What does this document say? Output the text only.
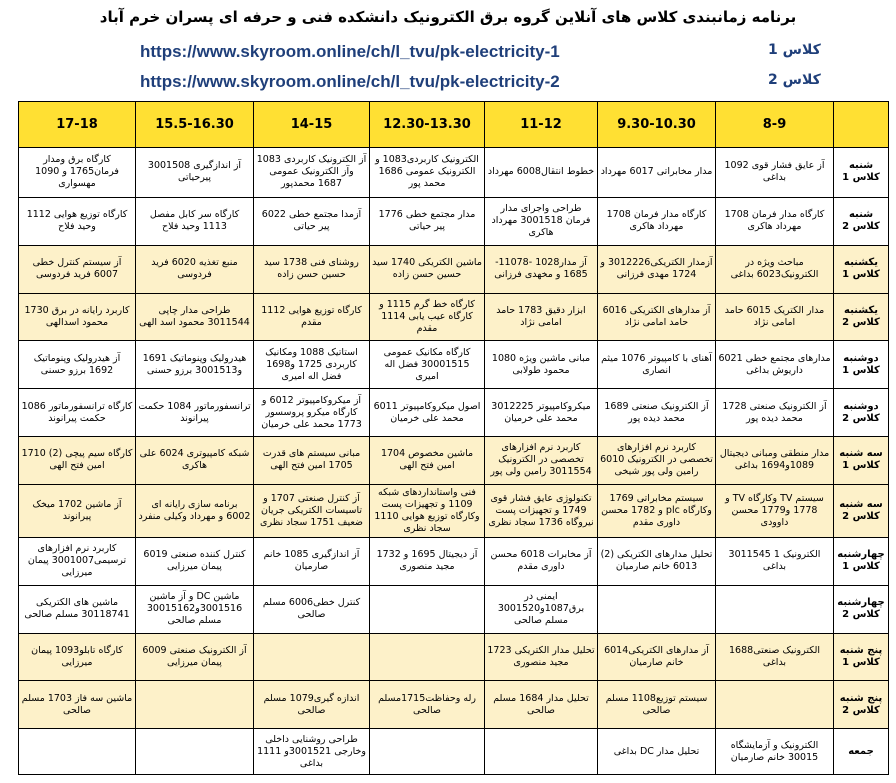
برنامه زمانبندی کلاس های آنلاین گروه برق الکترونیک دانشکده فنی و حرفه ای پسران خرم آباد
https://www.skyroom.online/ch/l_tvu/pk-electricity-1	کلاس 1
https://www.skyroom.online/ch/l_tvu/pk-electricity-2	کلاس 2
	8-9	9.30-10.30	11-12	12.30-13.30	14-15	15.5-16.30	17-18
شنبه کلاس 1	آز عایق فشار قوی 1092 بداغی	مدار مخابراتی 6017 مهرداد	خطوط انتقال6008 مهرداد	الکترونیک کاربردی1083 و الکترونیک عمومی 1686 محمد پور	آز الکترونیک کاربردی 1083 وآز الکترونیک عمومی 1687 محمدپور	آز اندازگیری 3001508 پیرحیاتی	کارگاه برق ومدار فرمان1765 و 1090 مهسواری
شنبه کلاس 2	کارگاه مدار فرمان 1708 مهرداد هاکری	کارگاه مدار فرمان 1708 مهرداد هاکری	طراحی واجرای مدار فرمان 3001518 مهرداد هاکری	مدار مجتمع خطی 1776 پیر حیاتی	آزمدا مجتمع خطی 6022 پیر حیاتی	کارگاه سر کابل مفصل 1113 وحید فلاح	کارگاه توزیع هوایی 1112 وحید فلاح
یکشنبه کلاس 1	مباحث ویژه در الکترونیک6023 بداغی	آزمدار الکتریکی3012226 و 1724 مهدی فرزانی	آز مدار1028 -11078-1685 و مخهدی فرزانی	ماشین الکتریکی 1740 سید حسین حسن زاده	روشنای فنی 1738 سید حسین حسن زاده	منبع تغذیه 6020 فرید فردوسی	آز سیستم کنترل خطی 6007 فرید فردوسی
یکشنبه کلاس 2	مدار الکتریک 6015 حامد امامی نژاد	آز مدارهای الکتریکی 6016 حامد امامی نژاد	ابزار دقیق 1783 حامد امامی نژاد	کارگاه خط گرم 1115 و کارگاه عیب یابی 1114 مقدم	کارگاه توزیع هوایی 1112 مقدم	طراحی مدار چاپی 3011544 محمود اسد الهی	کاربرد رایانه در برق 1730 محمود اسدالهی
دوشنبه کلاس 1	مدارهای مجتمع خطی 6021 داریوش بداغی	آهنای با کامپیوتر 1076 میثم انصاری	مبانی ماشین ویژه 1080 محمود طولابی	کارگاه مکانیک عمومی 30001515 فضل اله امیری	استاتیک 1088 ومکانیک کاربردی 1725 و1698 فضل اله امیری	هیدرولیک وپنوماتیک 1691 و3001513 برزو حسنی	آز هیدرولیک وپنوماتیک 1692 برزو حسنی
دوشنبه کلاس 2	آز الکترونیک صنعتی 1728 محمد دیده پور	آز الکترونیک صنعتی 1689 محمد دیده پور	میکروکامپیوتر 3012225 محمد علی خرمیان	اصول میکروکامپیوتر 6011 محمد علی خرمیان	آز میکروکامپیوتر 6012 و کارگاه میکرو پروسسور 1773 محمد علی خرمیان	ترانسفورماتور 1084 حکمت پیرانوند	کارگاه ترانسفورماتور 1086 حکمت پیرانوند
سه شنبه کلاس 1	مدار منطقی ومبانی دیجیتال 1089و1694 بداغی	کاربرد نرم افزارهای تخصصی در الکترونیک 6010 رامین ولی پور شیخی	کاربرد نرم افزارهای تخصصی در الکترونیک 3011554 رامین ولی پور	ماشین مخصوص 1704 امین فتح الهی	مبانی سیستم های قدرت 1705 امین فتح الهی	شبکه کامپیوتری 6024 علی هاکری	کارگاه سیم پیچی (2) 1710 امین فتح الهی
سه شنبه کلاس 2	سیستم TV وکارگاه TV و 1778 و1779 محسن داوودی	سیستم مخابراتی 1769 وکارگاه plc و 1782 محسن داوری مقدم	تکنولوژی عایق فشار قوی 1749 و تجهیزات پست نیروگاه 1736 سجاد نظری	فنی واستانداردهای شبکه 1109 و تجهیزات پست وکارگاه توزیع هوایی 1110 سجاد نظری	آز کنترل صنعتی 1707 و تاسیسات الکتریکی جریان ضعیف 1751 سجاد نظری	برنامه سازی رایانه ای 6002 و مهرداد وکیلی منفرد	آز ماشین 1702 میخک پیرانوند
چهارشنبه کلاس 1	الکترونیک 1 3011545 بداغی	تحلیل مدارهای الکتریکی (2) 6013 خانم صارمیان	آز مخابرات 6018 محسن داوری مقدم	آز دیجیتال 1695 و 1732 مجید منصوری	آز اندازگیری 1085 خانم صارمیان	کنترل کننده صنعتی 6019 پیمان میرزایی	کاربرد نرم افزارهای ترسیمی3001007 پیمان میرزایی
چهارشنبه کلاس 2			ایمنی در برق1087و3001520 مسلم صالحی		کنترل خطی6006 مسلم صالحی	ماشین DC و آز ماشین 3001516و30015162 مسلم صالحی	ماشین های الکتریکی 30118741 مسلم صالحی
پنج شنبه کلاس 1	الکترونیک صنعتی1688 بداغی	آز مدارهای الکتریکی6014 خانم صارمیان	تحلیل مدار الکتریکی 1723 مجید منصوری			آز الکترونیک صنعتی 6009 پیمان میرزایی	کارگاه تابلو1093 پیمان میرزایی
پنج شنبه کلاس 2		سیستم توزیع1108 مسلم صالحی	تحلیل مدار 1684 مسلم صالحی	رله وحفاظت1715مسلم صالحی	اندازه گیری1079 مسلم صالحی		ماشین سه فاز 1703 مسلم صالحی
جمعه	الکترونیک و آزمایشگاه 30015 خانم صارمیان	تحلیل مدار DC بداغی			طراحی روشنایی داخلی وخارجی 3001521و 1111 بداغی		
